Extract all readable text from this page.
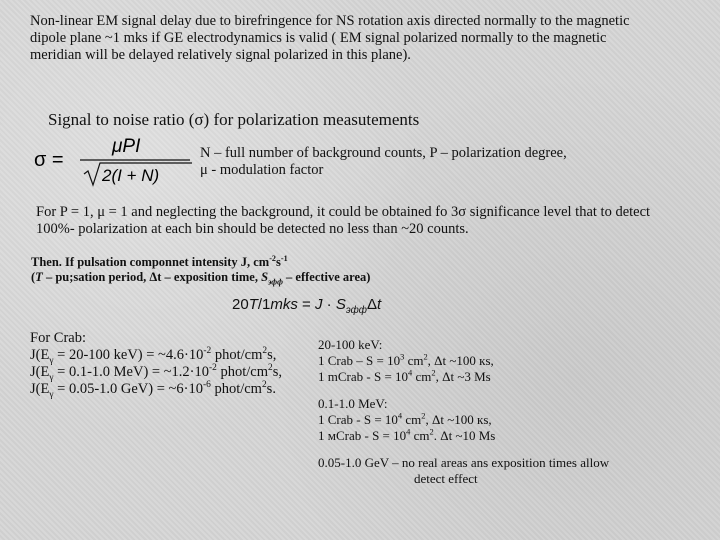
Non-linear EM signal delay due to birefringence for NS rotation axis directed normally to the magnetic
dipole plane ~1 mks if GE electrodynamics is valid ( EM signal polarized normally to the magnetic
meridian will be delayed relatively signal polarized in this plane).
Signal to noise ratio (σ) for polarization measutements
σ =
μPI
2(I + N)
N – full number of background counts, P – polarization degree,
μ - modulation factor
For P = 1, μ = 1 and neglecting the background, it could be obtained fo 3σ significance level that to detect
100%- polarization at each bin should be detected no less than ~20 counts.
Then. If pulsation componnet intensity J, $cm^{-2}s^{-1}$
(T – pu;sation period, Δt – exposition time, $S_{эфф}$ – effective area)
$20T/1mks = J \cdot S_{эфф}\Delta t$
For Crab:
$J(E_\gamma = 20-100$ $keV) = \sim 4.6\cdot 10^{-2}$ phot/$cm^2s$,
$J(E_\gamma = 0.1-1.0$ $MeV) = \sim 1.2\cdot 10^{-2}$ phot/$cm^2s$,
$J(E_\gamma = 0.05-1.0$ $GeV) = \sim 6\cdot 10^{-6}$ phot/$cm^2s$.
20-100 keV:
1 Crab – $S = 10^3$ $cm^2$, Δt ~100 кs,
1 mCrab - $S = 10^4$ $cm^2$, Δt ~3 Ms
0.1-1.0 MeV:
1 Crab - $S = 10^4$ $cm^2$, Δt ~100 кs,
1 мCrab - $S = 10^4$ $cm^2$. Δt ~10 Ms
0.05-1.0 GeV – no real areas ans exposition times allow
detect effect
